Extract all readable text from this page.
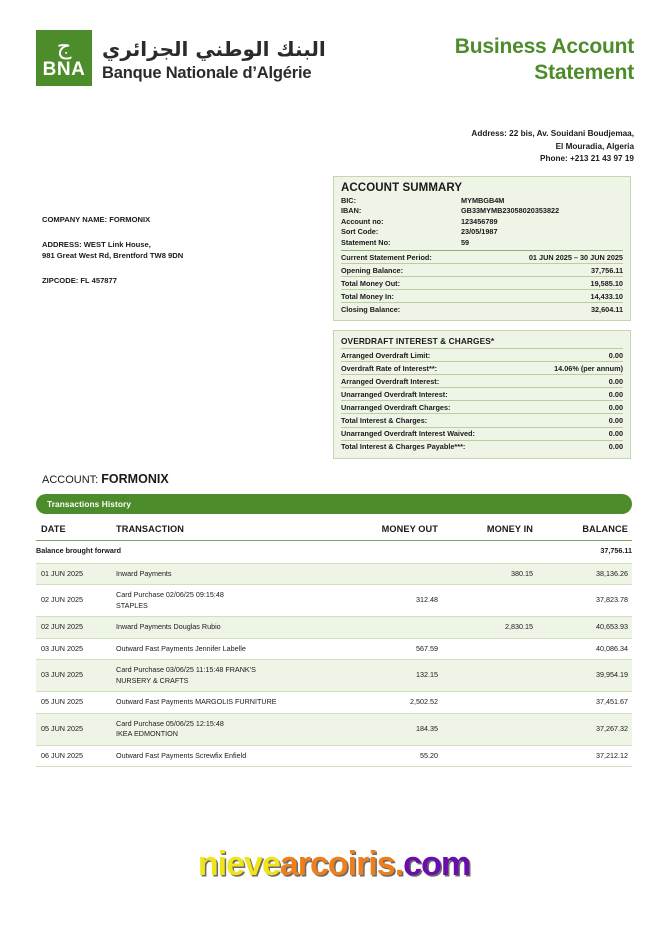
ج
BNA
البنك الوطني الجزائري
Banque Nationale d’Algérie
Business Account
Statement
Address: 22 bis, Av. Souidani Boudjemaa,
El Mouradia, Algeria
Phone: +213 21 43 97 19
COMPANY NAME: FORMONIX
ADDRESS: WEST Link House,
981 Great West Rd, Brentford TW8 9DN
ZIPCODE: FL 457877
ACCOUNT SUMMARY
BIC:	MYMBGB4M
IBAN:	GB33MYMB23058020353822
Account no:	123456789
Sort Code:	23/05/1987
Statement No:	59
Current Statement Period:	01 JUN 2025 – 30 JUN 2025
Opening Balance:	37,756.11
Total Money Out:	19,585.10
Total Money In:	14,433.10
Closing Balance:	32,604.11
OVERDRAFT INTEREST & CHARGES*
Arranged Overdraft Limit:	0.00
Overdraft Rate of Interest**:	14.06% (per annum)
Arranged Overdraft Interest:	0.00
Unarranged Overdraft Interest:	0.00
Unarranged Overdraft Charges:	0.00
Total Interest & Charges:	0.00
Unarranged Overdraft Interest Waived:	0.00
Total Interest & Charges Payable***:	0.00
ACCOUNT: FORMONIX
Transactions History
DATE	TRANSACTION	MONEY OUT	MONEY IN	BALANCE
Balance brought forward				37,756.11
01 JUN 2025	Inward Payments		380.15	38,136.26
02 JUN 2025	Card Purchase 02/06/25 09:15:48
STAPLES	312.48		37,823.78
02 JUN 2025	Inward Payments Douglas Rubio		2,830.15	40,653.93
03 JUN 2025	Outward Fast Payments Jennifer Labelle	567.59		40,086.34
03 JUN 2025	Card Purchase 03/06/25 11:15:48 FRANK'S
NURSERY & CRAFTS	132.15		39,954.19
05 JUN 2025	Outward Fast Payments MARGOLIS FURNITURE	2,502.52		37,451.67
05 JUN 2025	Card Purchase 05/06/25 12:15:48
IKEA EDMONTION	184.35		37,267.32
06 JUN 2025	Outward Fast Payments Screwfix Enfield	55.20		37,212.12
nievearcoiris.com
